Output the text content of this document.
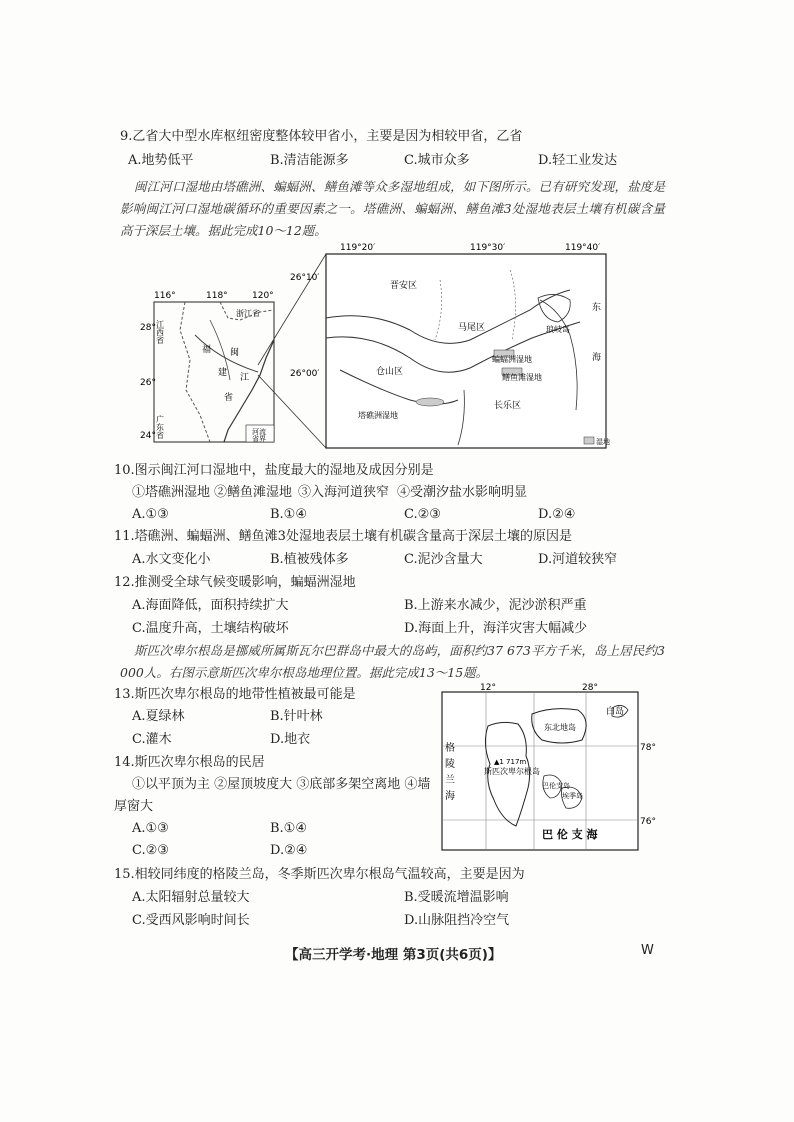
9.乙省大中型水库枢纽密度整体较甲省小，主要是因为相较甲省，乙省
A.地势低平	B.清洁能源多	C.城市众多	D.轻工业发达
闽江河口湿地由塔礁洲、蝙蝠洲、鳝鱼滩等众多湿地组成，如下图所示。已有研究发现，盐度是影响闽江河口湿地碳循环的重要因素之一。塔礁洲、蝙蝠洲、鳝鱼滩3处湿地表层土壤有机碳含量高于深层土壤。据此完成10～12题。
116°	118°	120°
28°
26°
24°
江西省
浙江省
福 闽
建 江
省
广东省	河流
省界
119°20′	119°30′	119°40′
26°10′
26°00′
晋安区
马尾区	琅岐岛
蝙蝠洲湿地
鳝鱼滩湿地
仓山区
长乐区
塔礁洲湿地
东
海
湿地
10.图示闽江河口湿地中，盐度最大的湿地及成因分别是
①塔礁洲湿地 ②鳝鱼滩湿地 ③入海河道狭窄 ④受潮汐盐水影响明显
A.①③	B.①④	C.②③	D.②④
11.塔礁洲、蝙蝠洲、鳝鱼滩3处湿地表层土壤有机碳含量高于深层土壤的原因是
A.水文变化小	B.植被残体多	C.泥沙含量大	D.河道较狭窄
12.推测受全球气候变暖影响，蝙蝠洲湿地
A.海面降低，面积持续扩大	B.上游来水减少，泥沙淤积严重
C.温度升高，土壤结构破坏	D.海面上升，海洋灾害大幅减少
斯匹次卑尔根岛是挪威所属斯瓦尔巴群岛中最大的岛屿，面积约37 673平方千米，岛上居民约3 000人。右图示意斯匹次卑尔根岛地理位置。据此完成13～15题。
13.斯匹次卑尔根岛的地带性植被最可能是
A.夏绿林	B.针叶林
C.灌木	D.地衣
14.斯匹次卑尔根岛的民居
①以平顶为主 ②屋顶坡度大 ③底部多架空离地 ④墙
厚窗大
A.①③	B.①④
C.②③	D.②④
12°	28°
78°
76°
白岛
东北地岛
格陵兰海	▲1 717m
斯匹次卑尔根岛
巴伦支岛
埃季岛
巴 伦 支 海
15.相较同纬度的格陵兰岛，冬季斯匹次卑尔根岛气温较高，主要是因为
A.太阳辐射总量较大	B.受暖流增温影响
C.受西风影响时间长	D.山脉阻挡冷空气
【高三开学考·地理 第3页(共6页)】	W
